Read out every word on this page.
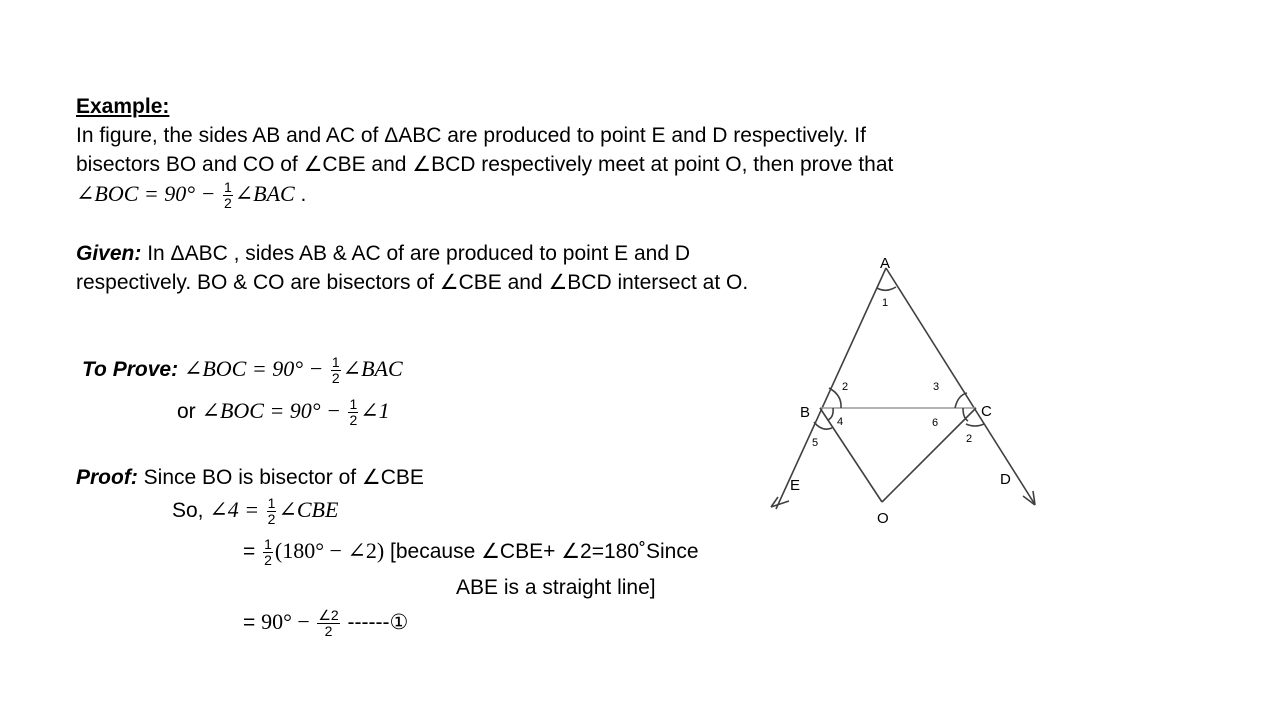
Example:
In figure, the sides AB and AC of ΔABC are produced to point E and D respectively. If
bisectors BO and CO of ∠CBE and ∠BCD respectively meet at point O, then prove that
∠BOC = $90^\circ - \frac{1}{2}$ ∠BAC .
Given: In ΔABC , sides AB & AC of are produced to point E and D
respectively. BO & CO are bisectors of ∠CBE and ∠BCD intersect at O.
To Prove: ∠BOC = $90^\circ - \frac{1}{2}$ ∠BAC
or ∠BOC = $90^\circ - \frac{1}{2}$ ∠1
Proof: Since BO is bisector of ∠CBE
So, ∠4 = $\frac{1}{2}$ ∠CBE
= $\frac{1}{2} (180^\circ$ − ∠2) [because ∠CBE+ ∠2=180˚Since
ABE is a straight line]
= $90^\circ - \frac{\angle 2}{2}$ ------①
A
B	C
D
E
O
1
2	3
4
5
6
2
